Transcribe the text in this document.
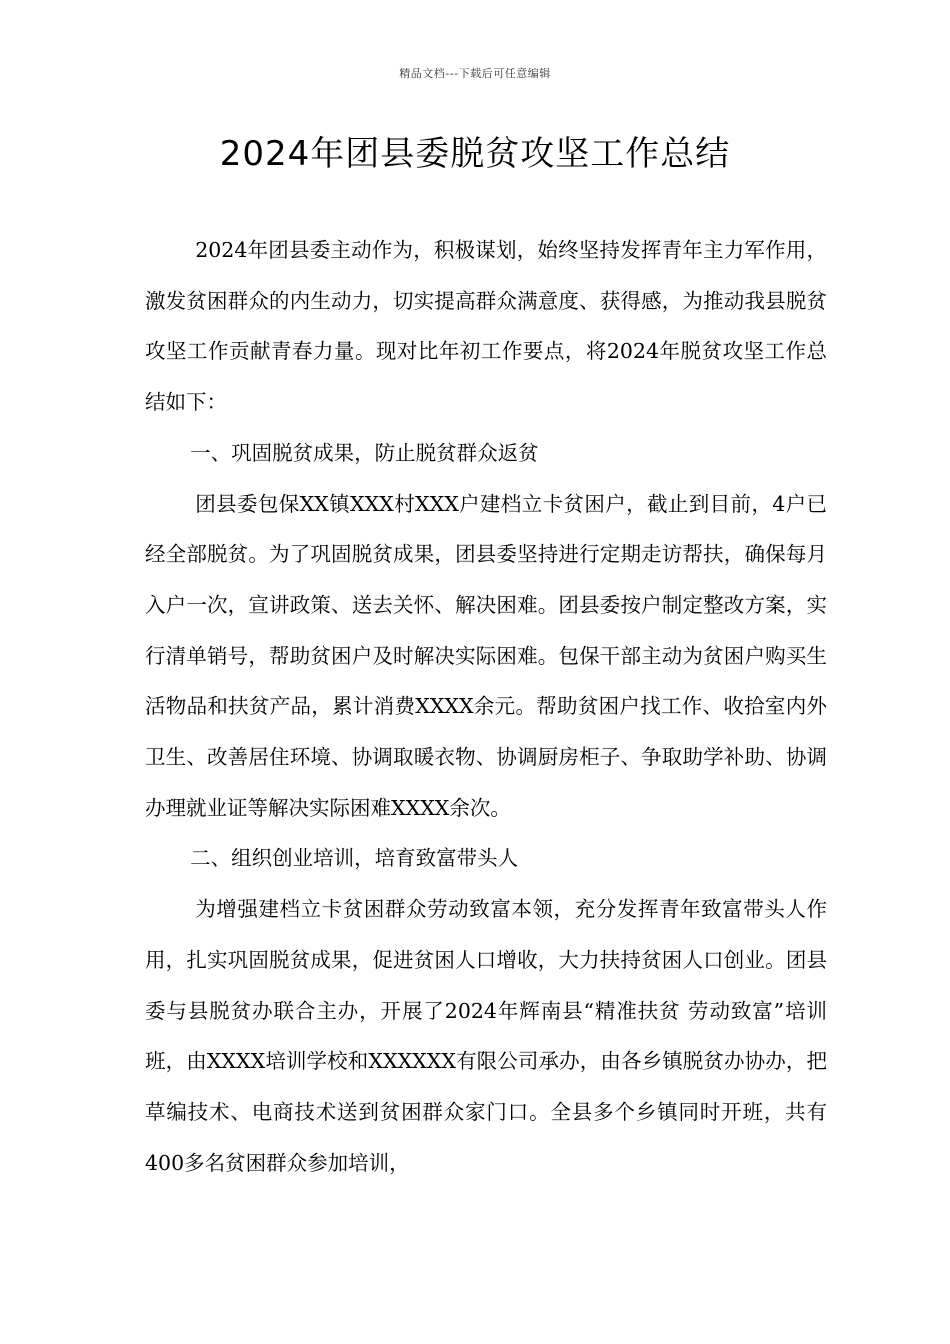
精品文档---下载后可任意编辑
2024年团县委脱贫攻坚工作总结

2024年团县委主动作为，积极谋划，始终坚持发挥青年主力军作用，激发贫困群众的内生动力，切实提高群众满意度、获得感，为推动我县脱贫攻坚工作贡献青春力量。现对比年初工作要点，将2024年脱贫攻坚工作总结如下：

一、巩固脱贫成果，防止脱贫群众返贫

团县委包保XX镇XXX村XXX户建档立卡贫困户，截止到目前，4户已经全部脱贫。为了巩固脱贫成果，团县委坚持进行定期走访帮扶，确保每月入户一次，宣讲政策、送去关怀、解决困难。团县委按户制定整改方案，实行清单销号，帮助贫困户及时解决实际困难。包保干部主动为贫困户购买生活物品和扶贫产品，累计消费XXXX余元。帮助贫困户找工作、收拾室内外卫生、改善居住环境、协调取暖衣物、协调厨房柜子、争取助学补助、协调办理就业证等解决实际困难XXXX余次。

二、组织创业培训，培育致富带头人

为增强建档立卡贫困群众劳动致富本领，充分发挥青年致富带头人作用，扎实巩固脱贫成果，促进贫困人口增收，大力扶持贫困人口创业。团县委与县脱贫办联合主办，开展了2024年辉南县“精准扶贫 劳动致富”培训班，由XXXX培训学校和XXXXXX有限公司承办，由各乡镇脱贫办协办，把草编技术、电商技术送到贫困群众家门口。全县多个乡镇同时开班，共有400多名贫困群众参加培训，
